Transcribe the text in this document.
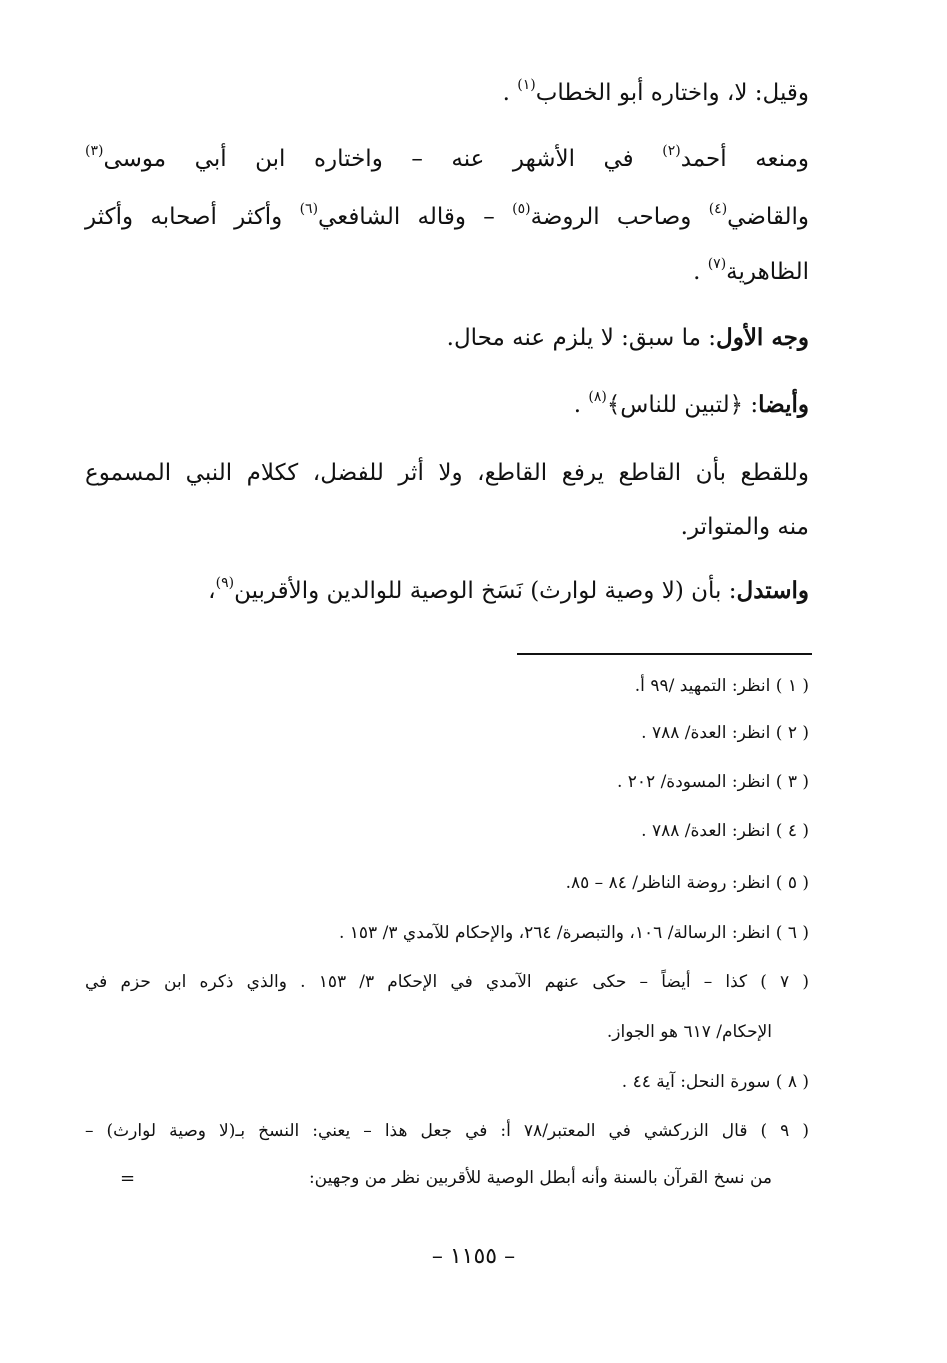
وقيل: لا، واختاره أبو الخطاب$^{(١)}$ .
ومنعه أحمد$^{(٢)}$ في الأشهر عنه – واختاره ابن أبي موسى$^{(٣)}$
والقاضي$^{(٤)}$ وصاحب الروضة$^{(٥)}$ – وقاله الشافعي$^{(٦)}$ وأكثر أصحابه وأكثر
الظاهرية$^{(٧)}$ .
وجه الأول: ما سبق: لا يلزم عنه محال.
وأيضا: ﴿لتبين للناس﴾$^{(٨)}$ .
وللقطع بأن القاطع يرفع القاطع، ولا أثر للفضل، ككلام النبي المسموع
منه والمتواتر.
واستدل: بأن (لا وصية لوارث) نَسَخ الوصية للوالدين والأقربين$^{(٩)}$،
( ١ ) انظر: التمهيد /٩٩ أ.
( ٢ ) انظر: العدة/ ٧٨٨ .
( ٣ ) انظر: المسودة/ ٢٠٢ .
( ٤ ) انظر: العدة/ ٧٨٨ .
( ٥ ) انظر: روضة الناظر/ ٨٤ – ٨٥.
( ٦ ) انظر: الرسالة/ ١٠٦، والتبصرة/ ٢٦٤، والإحكام للآمدي ٣/ ١٥٣ .
( ٧ ) كذا – أيضاً – حكى عنهم الآمدي في الإحكام ٣/ ١٥٣ . والذي ذكره ابن حزم في
الإحكام/ ٦١٧ هو الجواز.
( ٨ ) سورة النحل: آية ٤٤ .
( ٩ ) قال الزركشي في المعتبر/٧٨ أ: في جعل هذا – يعني: النسخ بـ(لا وصية لوارث) –
من نسخ القرآن بالسنة وأنه أبطل الوصية للأقربين نظر من وجهين:
=
– ١١٥٥ –
